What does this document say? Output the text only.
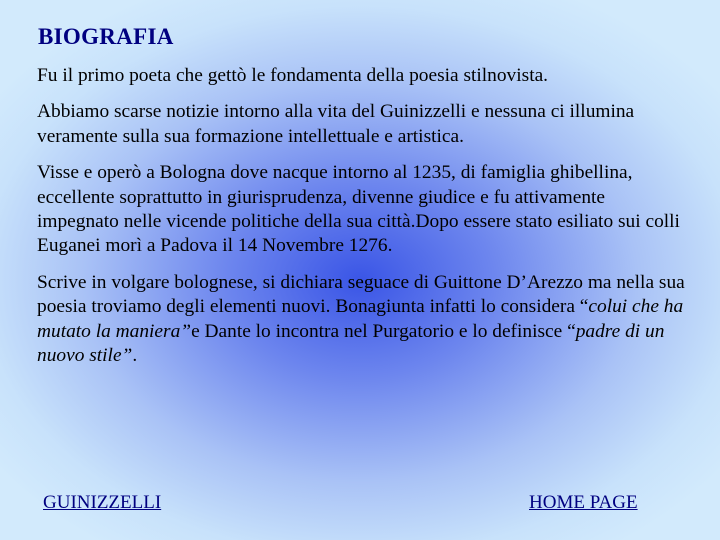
BIOGRAFIA

Fu il primo poeta che gettò le fondamenta della poesia stilnovista.

Abbiamo scarse notizie intorno alla vita del Guinizzelli e nessuna ci illumina veramente sulla sua formazione intellettuale e artistica.

Visse e operò a Bologna dove nacque intorno al 1235, di famiglia ghibellina, eccellente soprattutto in giurisprudenza, divenne giudice e fu attivamente impegnato nelle vicende politiche della sua città.Dopo essere stato esiliato sui colli Euganei morì a Padova il 14 Novembre 1276.

Scrive in volgare bolognese, si dichiara seguace di Guittone D’Arezzo ma nella sua poesia troviamo degli elementi nuovi. Bonagiunta infatti lo considera “colui che ha mutato la maniera”e Dante lo incontra nel Purgatorio e lo definisce “padre di un nuovo stile”.

GUINIZZELLI	HOME PAGE
